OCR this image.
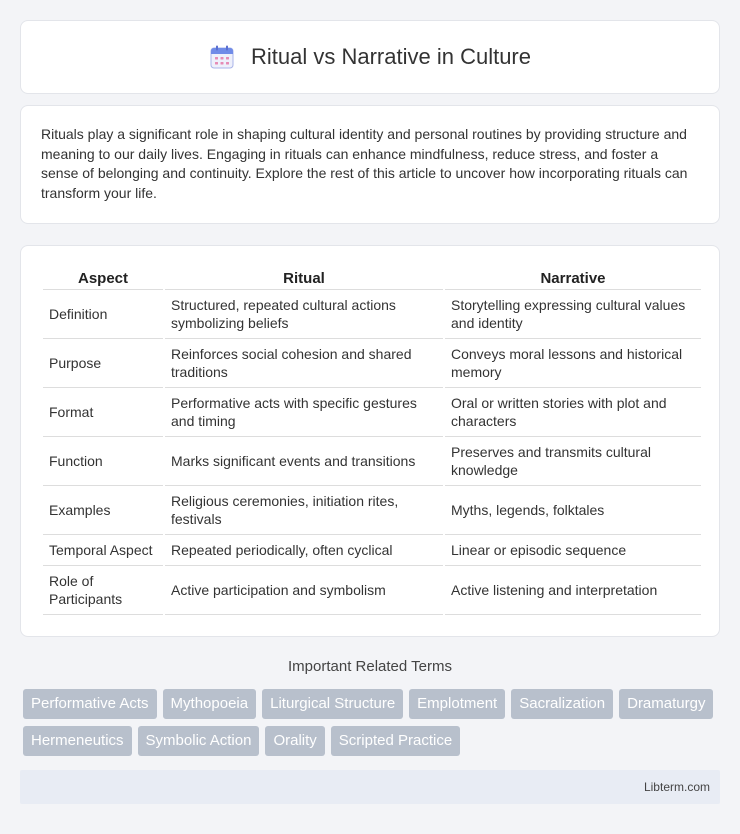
Ritual vs Narrative in Culture

Rituals play a significant role in shaping cultural identity and personal routines by providing structure and meaning to our daily lives. Engaging in rituals can enhance mindfulness, reduce stress, and foster a sense of belonging and continuity. Explore the rest of this article to uncover how incorporating rituals can transform your life.

Aspect	Ritual	Narrative
Definition	Structured, repeated cultural actions symbolizing beliefs	Storytelling expressing cultural values and identity
Purpose	Reinforces social cohesion and shared traditions	Conveys moral lessons and historical memory
Format	Performative acts with specific gestures and timing	Oral or written stories with plot and characters
Function	Marks significant events and transitions	Preserves and transmits cultural knowledge
Examples	Religious ceremonies, initiation rites, festivals	Myths, legends, folktales
Temporal Aspect	Repeated periodically, often cyclical	Linear or episodic sequence
Role of Participants	Active participation and symbolism	Active listening and interpretation
Important Related Terms
Performative Acts	Mythopoeia	Liturgical Structure	Emplotment	Sacralization	Dramaturgy
Hermeneutics	Symbolic Action	Orality	Scripted Practice
Libterm.com
